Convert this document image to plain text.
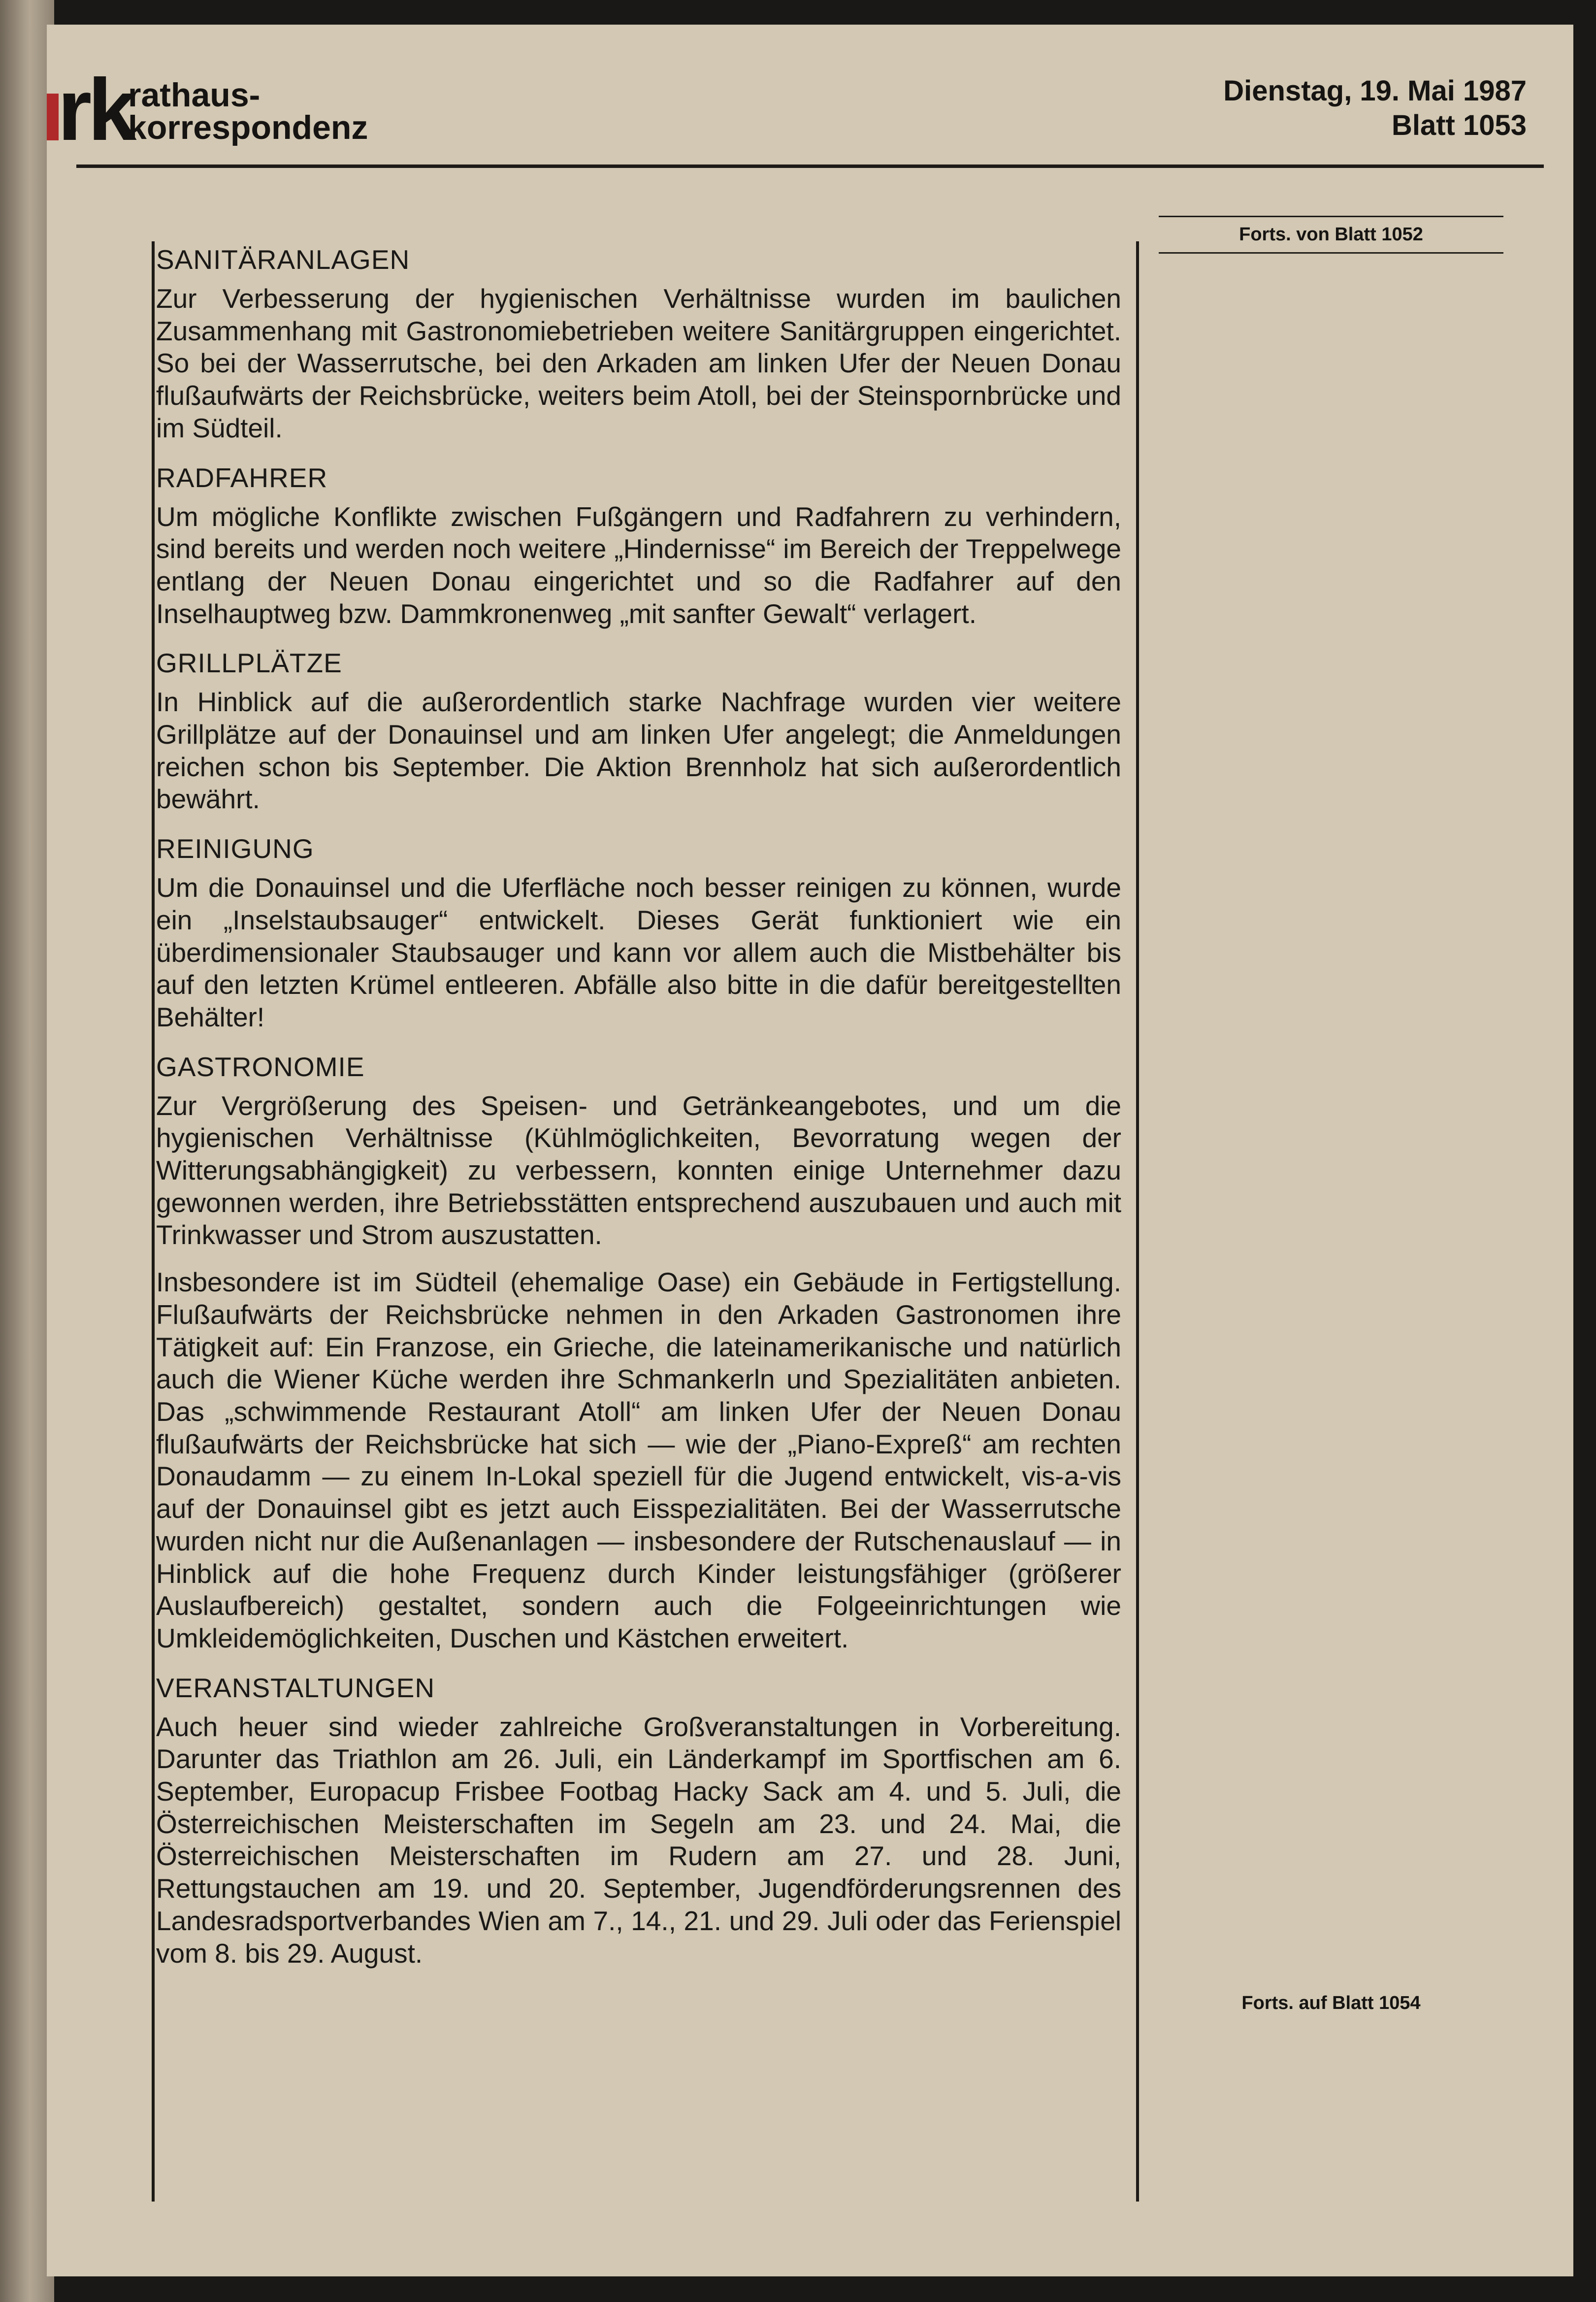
rk
rathaus-
korrespondenz
Dienstag, 19. Mai 1987
Blatt 1053
SANITÄRANLAGEN

Zur Verbesserung der hygienischen Verhältnisse wurden im baulichen Zusammenhang mit Gastronomiebetrieben weitere Sanitärgruppen eingerichtet. So bei der Wasserrutsche, bei den Arkaden am linken Ufer der Neuen Donau flußaufwärts der Reichsbrücke, weiters beim Atoll, bei der Steinspornbrücke und im Südteil.

RADFAHRER

Um mögliche Konflikte zwischen Fußgängern und Radfahrern zu verhindern, sind bereits und werden noch weitere „Hindernisse“ im Bereich der Treppelwege entlang der Neuen Donau eingerichtet und so die Radfahrer auf den Inselhauptweg bzw. Dammkronenweg „mit sanfter Gewalt“ verlagert.

GRILLPLÄTZE

In Hinblick auf die außerordentlich starke Nachfrage wurden vier weitere Grillplätze auf der Donauinsel und am linken Ufer angelegt; die Anmeldungen reichen schon bis September. Die Aktion Brennholz hat sich außerordentlich bewährt.

REINIGUNG

Um die Donauinsel und die Uferfläche noch besser reinigen zu können, wurde ein „Inselstaubsauger“ entwickelt. Dieses Gerät funktioniert wie ein überdimensionaler Staubsauger und kann vor allem auch die Mistbehälter bis auf den letzten Krümel entleeren. Abfälle also bitte in die dafür bereitgestellten Behälter!

GASTRONOMIE

Zur Vergrößerung des Speisen- und Getränkeangebotes, und um die hygienischen Verhältnisse (Kühlmöglichkeiten, Bevorratung wegen der Witterungsabhängigkeit) zu verbessern, konnten einige Unternehmer dazu gewonnen werden, ihre Betriebsstätten entsprechend auszubauen und auch mit Trinkwasser und Strom auszustatten.

Insbesondere ist im Südteil (ehemalige Oase) ein Gebäude in Fertigstellung. Flußaufwärts der Reichsbrücke nehmen in den Arkaden Gastronomen ihre Tätigkeit auf: Ein Franzose, ein Grieche, die lateinamerikanische und natürlich auch die Wiener Küche werden ihre Schmankerln und Spezialitäten anbieten. Das „schwimmende Restaurant Atoll“ am linken Ufer der Neuen Donau flußaufwärts der Reichsbrücke hat sich — wie der „Piano-Expreß“ am rechten Donaudamm — zu einem In-Lokal speziell für die Jugend entwickelt, vis-a-vis auf der Donauinsel gibt es jetzt auch Eisspezialitäten. Bei der Wasserrutsche wurden nicht nur die Außenanlagen — insbesondere der Rutschenauslauf — in Hinblick auf die hohe Frequenz durch Kinder leistungsfähiger (größerer Auslaufbereich) gestaltet, sondern auch die Folgeeinrichtungen wie Umkleidemöglichkeiten, Duschen und Kästchen erweitert.

VERANSTALTUNGEN

Auch heuer sind wieder zahlreiche Großveranstaltungen in Vorbereitung. Darunter das Triathlon am 26. Juli, ein Länderkampf im Sportfischen am 6. September, Europacup Frisbee Footbag Hacky Sack am 4. und 5. Juli, die Österreichischen Meisterschaften im Segeln am 23. und 24. Mai, die Österreichischen Meisterschaften im Rudern am 27. und 28. Juni, Rettungstauchen am 19. und 20. September, Jugendförderungsrennen des Landesradsportverbandes Wien am 7., 14., 21. und 29. Juli oder das Ferienspiel vom 8. bis 29. August.

Forts. von Blatt 1052
Forts. auf Blatt 1054
